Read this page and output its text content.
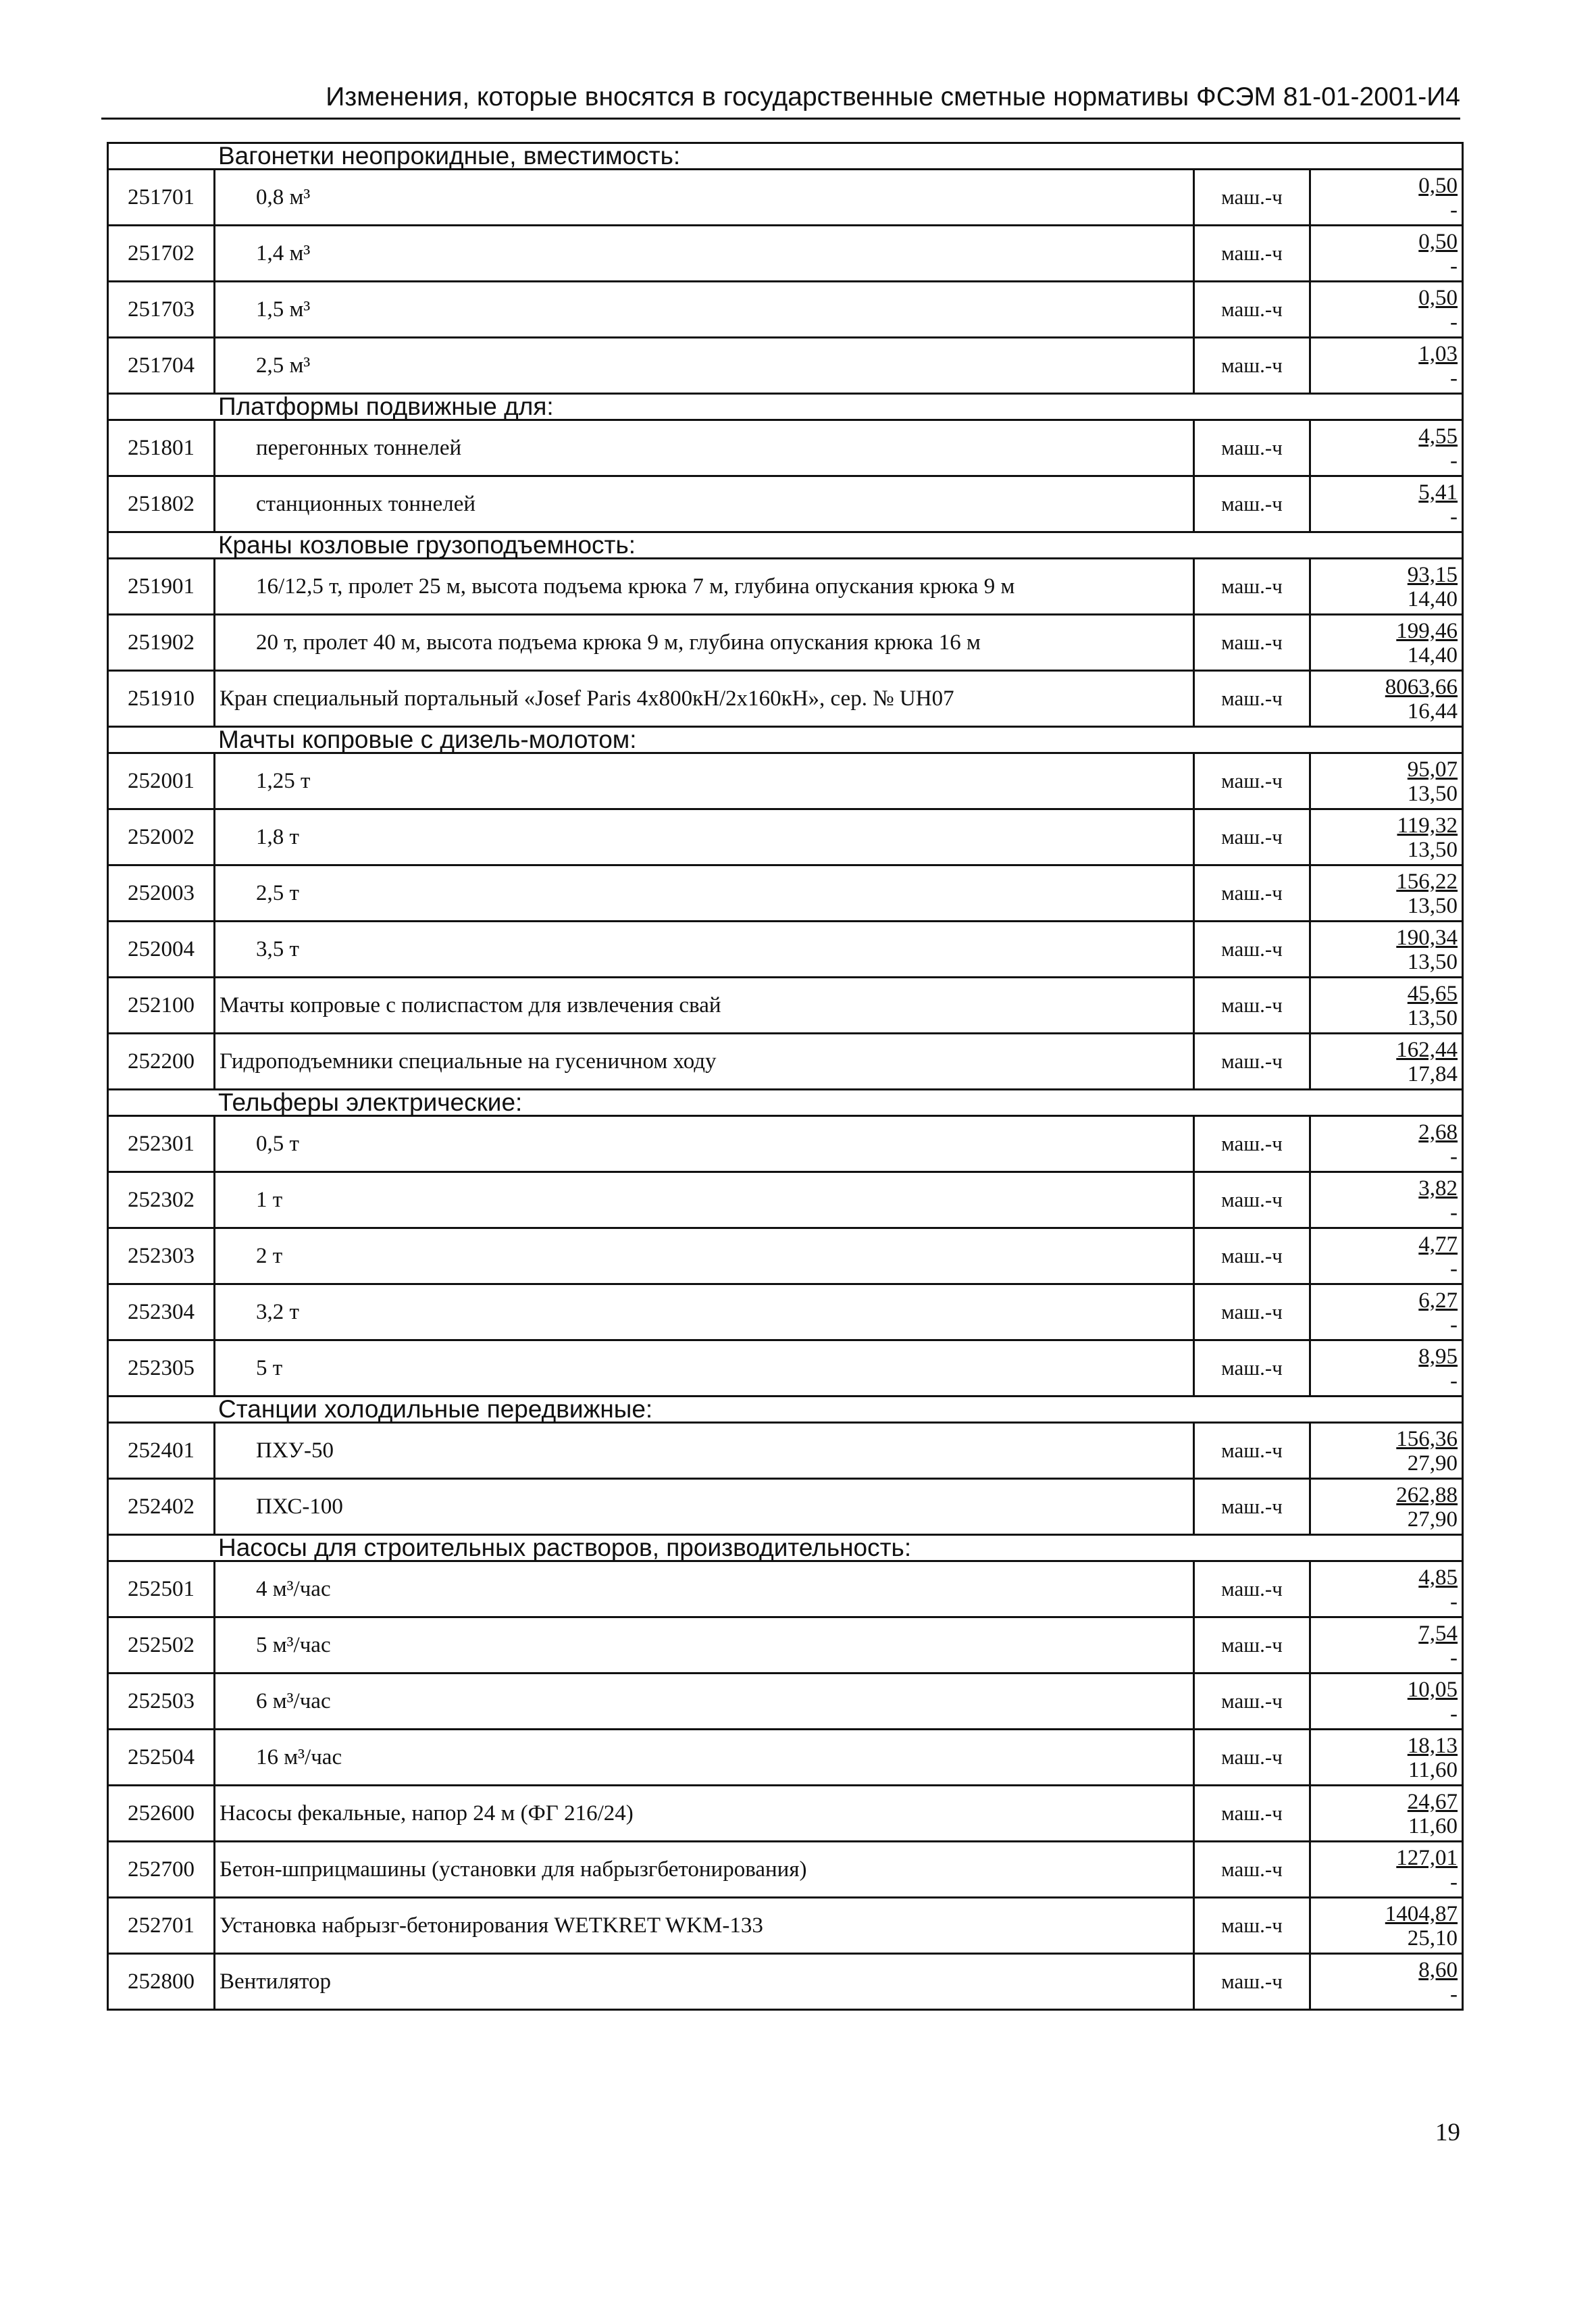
Изменения, которые вносятся в государственные сметные нормативы ФСЭМ 81-01-2001-И4
Вагонетки неопрокидные, вместимость:			
251701	0,8 м³	маш.-ч	0,50
-

251702	1,4 м³	маш.-ч	0,50
-

251703	1,5 м³	маш.-ч	0,50
-

251704	2,5 м³	маш.-ч	1,03
-

Платформы подвижные для:			
251801	перегонных тоннелей	маш.-ч	4,55
-

251802	станционных тоннелей	маш.-ч	5,41
-

Краны козловые грузоподъемность:			
251901	16/12,5 т, пролет 25 м, высота подъема крюка 7 м, глубина опускания крюка 9 м	маш.-ч	93,15
14,40

251902	20 т, пролет 40 м, высота подъема крюка 9 м, глубина опускания крюка 16 м	маш.-ч	199,46
14,40

251910	Кран специальный портальный «Josef Paris 4х800кН/2х160кН», сер. № UH07	маш.-ч	8063,66
16,44

Мачты копровые с дизель-молотом:			
252001	1,25 т	маш.-ч	95,07
13,50

252002	1,8 т	маш.-ч	119,32
13,50

252003	2,5 т	маш.-ч	156,22
13,50

252004	3,5 т	маш.-ч	190,34
13,50

252100	Мачты копровые с полиспастом для извлечения свай	маш.-ч	45,65
13,50

252200	Гидроподъемники специальные на гусеничном ходу	маш.-ч	162,44
17,84

Тельферы электрические:			
252301	0,5 т	маш.-ч	2,68
-

252302	1 т	маш.-ч	3,82
-

252303	2 т	маш.-ч	4,77
-

252304	3,2 т	маш.-ч	6,27
-

252305	5 т	маш.-ч	8,95
-

Станции холодильные передвижные:			
252401	ПХУ-50	маш.-ч	156,36
27,90

252402	ПХС-100	маш.-ч	262,88
27,90

Насосы для строительных растворов, производительность:			
252501	4 м³/час	маш.-ч	4,85
-

252502	5 м³/час	маш.-ч	7,54
-

252503	6 м³/час	маш.-ч	10,05
-

252504	16 м³/час	маш.-ч	18,13
11,60

252600	Насосы фекальные, напор 24 м (ФГ 216/24)	маш.-ч	24,67
11,60

252700	Бетон-шприцмашины (установки для набрызгбетонирования)	маш.-ч	127,01
-

252701	Установка набрызг-бетонирования WETKRET WKM-133	маш.-ч	1404,87
25,10

252800	Вентилятор	маш.-ч	8,60
-
19
